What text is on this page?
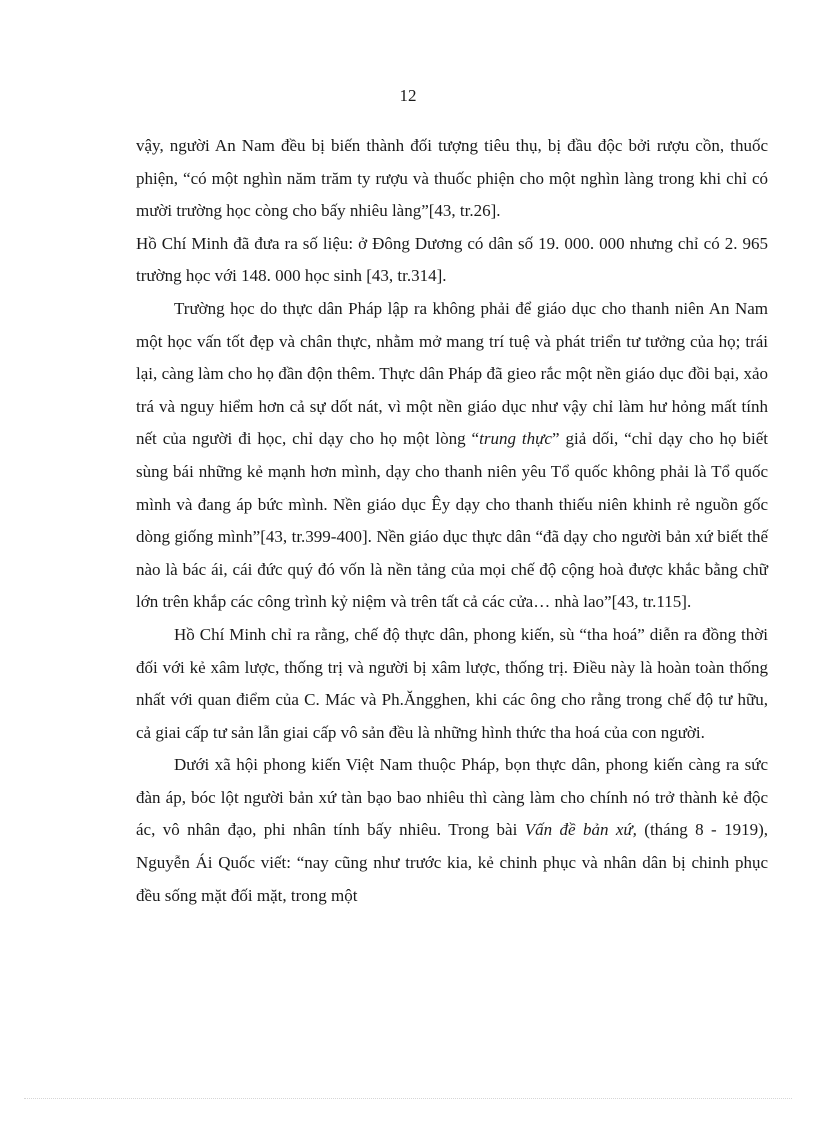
12

vậy, người An Nam đều bị biến thành đối tượng tiêu thụ, bị đầu độc bởi rượu cồn, thuốc phiện, “có một nghìn năm trăm ty rượu và thuốc phiện cho một nghìn làng trong khi chỉ có mười trường học còng cho bấy nhiêu làng”[43, tr.26].

Hồ Chí Minh đã đưa ra số liệu: ở Đông Dương có dân số 19. 000. 000 nhưng chỉ có 2. 965 trường học với 148. 000 học sinh [43, tr.314].

Trường học do thực dân Pháp lập ra không phải để giáo dục cho thanh niên An Nam một học vấn tốt đẹp và chân thực, nhằm mở mang trí tuệ và phát triển tư tưởng của họ; trái lại, càng làm cho họ đần độn thêm. Thực dân Pháp đã gieo rắc một nền giáo dục đồi bại, xảo trá và nguy hiểm hơn cả sự dốt nát, vì một nền giáo dục như vậy chỉ làm hư hỏng mất tính nết của người đi học, chỉ dạy cho họ một lòng “trung thực” giả dối, “chỉ dạy cho họ biết sùng bái những kẻ mạnh hơn mình, dạy cho thanh niên yêu Tổ quốc không phải là Tổ quốc mình và đang áp bức mình. Nền giáo dục Êy dạy cho thanh thiếu niên khinh rẻ nguồn gốc dòng giống mình”[43, tr.399-400]. Nền giáo dục thực dân “đã dạy cho người bản xứ biết thế nào là bác ái, cái đức quý đó vốn là nền tảng của mọi chế độ cộng hoà được khắc bằng chữ lớn trên khắp các công trình kỷ niệm và trên tất cả các cửa… nhà lao”[43, tr.115].

Hồ Chí Minh chỉ ra rằng, chế độ thực dân, phong kiến, sù “tha hoá” diễn ra đồng thời đối với kẻ xâm lược, thống trị và người bị xâm lược, thống trị. Điều này là hoàn toàn thống nhất với quan điểm của C. Mác và Ph.Ăngghen, khi các ông cho rằng trong chế độ tư hữu, cả giai cấp tư sản lẫn giai cấp vô sản đều là những hình thức tha hoá của con người.

Dưới xã hội phong kiến Việt Nam thuộc Pháp, bọn thực dân, phong kiến càng ra sức đàn áp, bóc lột người bản xứ tàn bạo bao nhiêu thì càng làm cho chính nó trở thành kẻ độc ác, vô nhân đạo, phi nhân tính bấy nhiêu. Trong bài Vấn đề bản xứ, (tháng 8 - 1919), Nguyễn Ái Quốc viết: “nay cũng như trước kia, kẻ chinh phục và nhân dân bị chinh phục đều sống mặt đối mặt, trong một
